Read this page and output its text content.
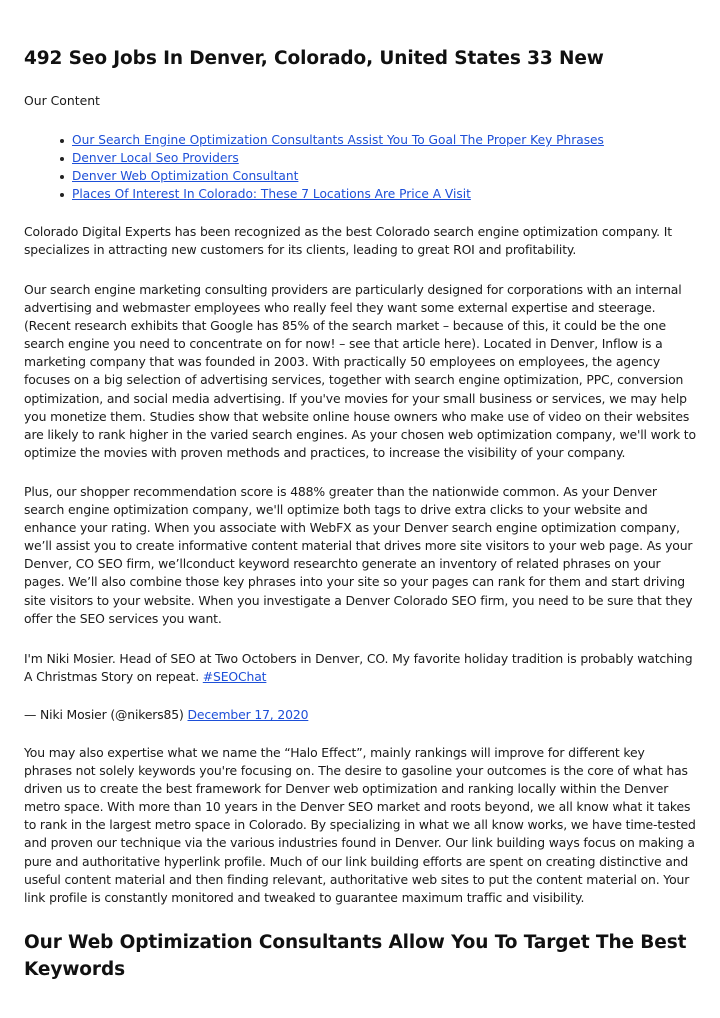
492 Seo Jobs In Denver, Colorado, United States 33 New
Our Content
Our Search Engine Optimization Consultants Assist You To Goal The Proper Key Phrases
Denver Local Seo Providers
Denver Web Optimization Consultant
Places Of Interest In Colorado: These 7 Locations Are Price A Visit

Colorado Digital Experts has been recognized as the best Colorado search engine optimization company. It specializes in attracting new customers for its clients, leading to great ROI and profitability.

Our search engine marketing consulting providers are particularly designed for corporations with an internal advertising and webmaster employees who really feel they want some external expertise and steerage. (Recent research exhibits that Google has 85% of the search market – because of this, it could be the one search engine you need to concentrate on for now! – see that article here). Located in Denver, Inflow is a marketing company that was founded in 2003. With practically 50 employees on employees, the agency focuses on a big selection of advertising services, together with search engine optimization, PPC, conversion optimization, and social media advertising. If you've movies for your small business or services, we may help you monetize them. Studies show that website online house owners who make use of video on their websites are likely to rank higher in the varied search engines. As your chosen web optimization company, we'll work to optimize the movies with proven methods and practices, to increase the visibility of your company.

Plus, our shopper recommendation score is 488% greater than the nationwide common. As your Denver search engine optimization company, we'll optimize both tags to drive extra clicks to your website and enhance your rating. When you associate with WebFX as your Denver search engine optimization company, we’ll assist you to create informative content material that drives more site visitors to your web page. As your Denver, CO SEO firm, we’llconduct keyword researchto generate an inventory of related phrases on your pages. We’ll also combine those key phrases into your site so your pages can rank for them and start driving site visitors to your website. When you investigate a Denver Colorado SEO firm, you need to be sure that they offer the SEO services you want.

I'm Niki Mosier. Head of SEO at Two Octobers in Denver, CO. My favorite holiday tradition is probably watching A Christmas Story on repeat. #SEOChat

— Niki Mosier (@nikers85) December 17, 2020

You may also expertise what we name the “Halo Effect”, mainly rankings will improve for different key phrases not solely keywords you're focusing on. The desire to gasoline your outcomes is the core of what has driven us to create the best framework for Denver web optimization and ranking locally within the Denver metro space. With more than 10 years in the Denver SEO market and roots beyond, we all know what it takes to rank in the largest metro space in Colorado. By specializing in what we all know works, we have time-tested and proven our technique via the various industries found in Denver. Our link building ways focus on making a pure and authoritative hyperlink profile. Much of our link building efforts are spent on creating distinctive and useful content material and then finding relevant, authoritative web sites to put the content material on. Your link profile is constantly monitored and tweaked to guarantee maximum traffic and visibility.

Our Web Optimization Consultants Allow You To Target The Best Keywords
